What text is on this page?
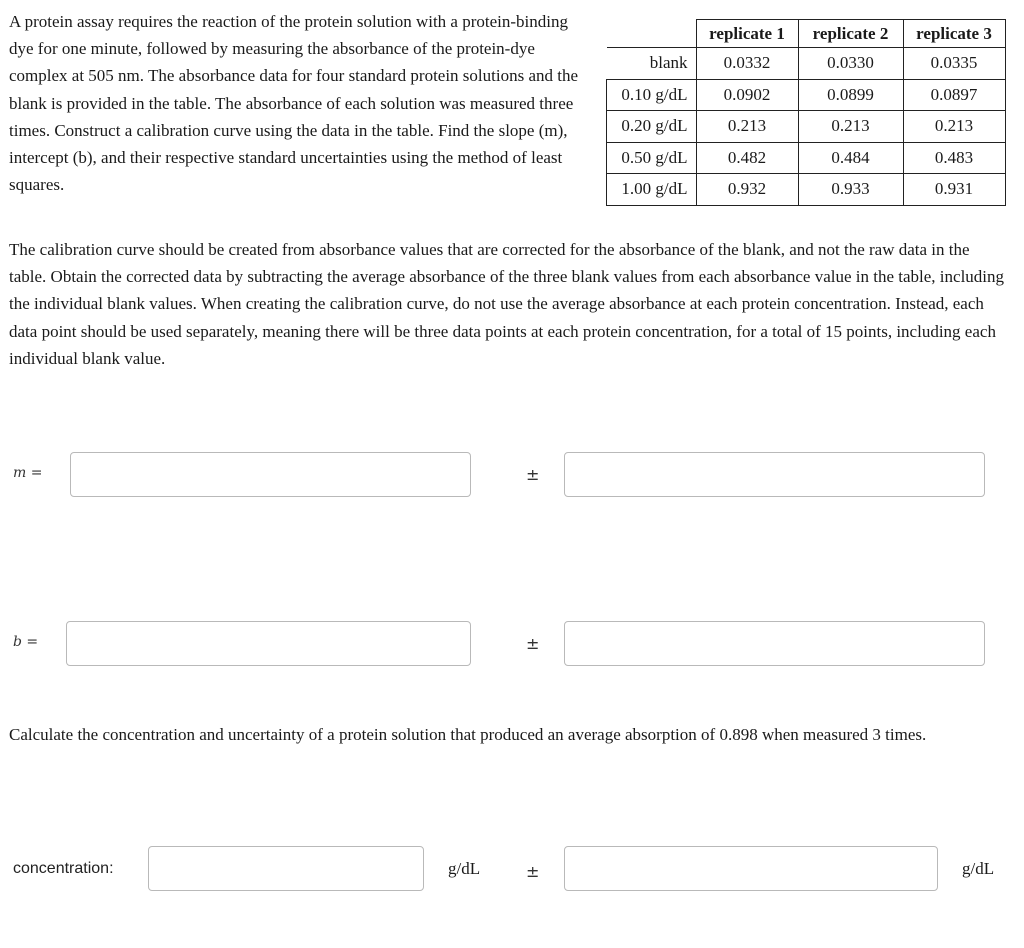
A protein assay requires the reaction of the protein solution with a protein-binding dye for one minute, followed by measuring the absorbance of the protein-dye complex at 505 nm. The absorbance data for four standard protein solutions and the blank is provided in the table. The absorbance of each solution was measured three times. Construct a calibration curve using the data in the table. Find the slope (m), intercept (b), and their respective standard uncertainties using the method of least squares.
	replicate 1	replicate 2	replicate 3
blank	0.0332	0.0330	0.0335
0.10 g/dL	0.0902	0.0899	0.0897
0.20 g/dL	0.213	0.213	0.213
0.50 g/dL	0.482	0.484	0.483
1.00 g/dL	0.932	0.933	0.931
The calibration curve should be created from absorbance values that are corrected for the absorbance of the blank, and not the raw data in the table. Obtain the corrected data by subtracting the average absorbance of the three blank values from each absorbance value in the table, including the individual blank values. When creating the calibration curve, do not use the average absorbance at each protein concentration. Instead, each data point should be used separately, meaning there will be three data points at each protein concentration, for a total of 15 points, including each individual blank value.
m =	±
b =	±
Calculate the concentration and uncertainty of a protein solution that produced an average absorption of 0.898 when measured 3 times.
concentration:	g/dL	±	g/dL
